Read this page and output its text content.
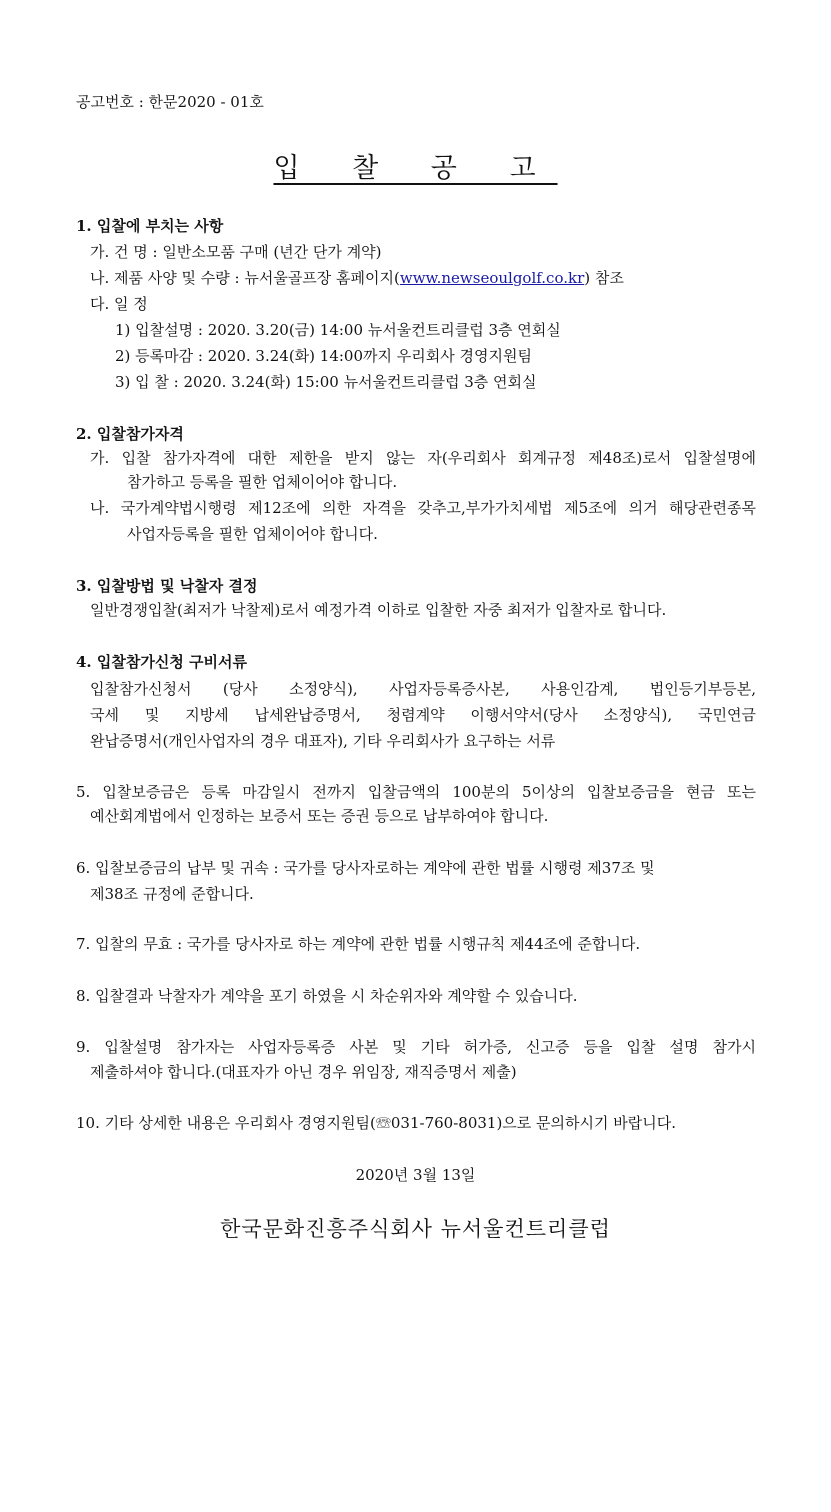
공고번호 : 한문2020 - 01호
입 찰 공 고
1. 입찰에 부치는 사항
가. 건 명 : 일반소모품 구매 (년간 단가 계약)
나. 제품 사양 및 수량 : 뉴서울골프장 홈페이지(www.newseoulgolf.co.kr) 참조
다. 일 정
1) 입찰설명 : 2020. 3.20(금) 14:00 뉴서울컨트리클럽 3층 연회실
2) 등록마감 : 2020. 3.24(화) 14:00까지 우리회사 경영지원팀
3) 입 찰 : 2020. 3.24(화) 15:00 뉴서울컨트리클럽 3층 연회실
2. 입찰참가자격
가. 입찰 참가자격에 대한 제한을 받지 않는 자(우리회사 회계규정 제48조)로서 입찰설명에
참가하고 등록을 필한 업체이어야 합니다.
나. 국가계약법시행령 제12조에 의한 자격을 갖추고,부가가치세법 제5조에 의거 해당관련종목
사업자등록을 필한 업체이어야 합니다.
3. 입찰방법 및 낙찰자 결정
일반경쟁입찰(최저가 낙찰제)로서 예정가격 이하로 입찰한 자중 최저가 입찰자로 합니다.
4. 입찰참가신청 구비서류
입찰참가신청서 (당사 소정양식), 사업자등록증사본, 사용인감계, 법인등기부등본,
국세 및 지방세 납세완납증명서, 청렴계약 이행서약서(당사 소정양식), 국민연금
완납증명서(개인사업자의 경우 대표자), 기타 우리회사가 요구하는 서류
5. 입찰보증금은 등록 마감일시 전까지 입찰금액의 100분의 5이상의 입찰보증금을 현금 또는
예산회계법에서 인정하는 보증서 또는 증권 등으로 납부하여야 합니다.
6. 입찰보증금의 납부 및 귀속 : 국가를 당사자로하는 계약에 관한 법률 시행령 제37조 및
제38조 규정에 준합니다.
7. 입찰의 무효 : 국가를 당사자로 하는 계약에 관한 법률 시행규칙 제44조에 준합니다.
8. 입찰결과 낙찰자가 계약을 포기 하였을 시 차순위자와 계약할 수 있습니다.
9. 입찰설명 참가자는 사업자등록증 사본 및 기타 허가증, 신고증 등을 입찰 설명 참가시
제출하셔야 합니다.(대표자가 아닌 경우 위임장, 재직증명서 제출)
10. 기타 상세한 내용은 우리회사 경영지원팀(☏031-760-8031)으로 문의하시기 바랍니다.
2020년 3월 13일
한국문화진흥주식회사 뉴서울컨트리클럽
